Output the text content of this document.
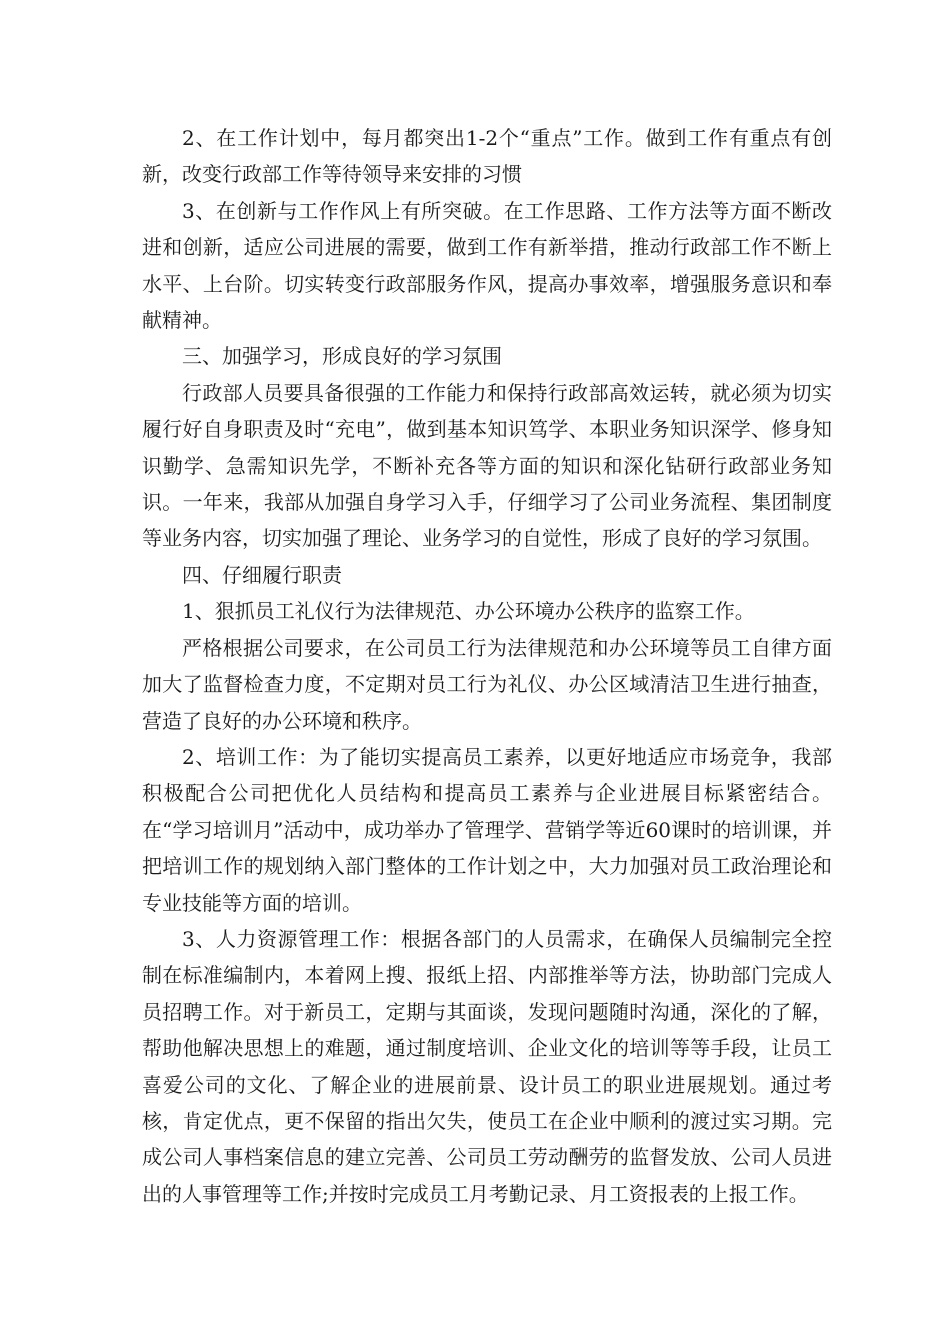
2、在工作计划中，每月都突出1-2个“重点”工作。做到工作有重点有创新，改变行政部工作等待领导来安排的习惯

3、在创新与工作作风上有所突破。在工作思路、工作方法等方面不断改进和创新，适应公司进展的需要，做到工作有新举措，推动行政部工作不断上水平、上台阶。切实转变行政部服务作风，提高办事效率，增强服务意识和奉献精神。

三、加强学习，形成良好的学习氛围

行政部人员要具备很强的工作能力和保持行政部高效运转，就必须为切实履行好自身职责及时“充电”，做到基本知识笃学、本职业务知识深学、修身知识勤学、急需知识先学，不断补充各等方面的知识和深化钻研行政部业务知识。一年来，我部从加强自身学习入手，仔细学习了公司业务流程、集团制度等业务内容，切实加强了理论、业务学习的自觉性，形成了良好的学习氛围。

四、仔细履行职责

1、狠抓员工礼仪行为法律规范、办公环境办公秩序的监察工作。

严格根据公司要求，在公司员工行为法律规范和办公环境等员工自律方面加大了监督检查力度，不定期对员工行为礼仪、办公区域清洁卫生进行抽查，营造了良好的办公环境和秩序。

2、培训工作：为了能切实提高员工素养，以更好地适应市场竞争，我部积极配合公司把优化人员结构和提高员工素养与企业进展目标紧密结合。在“学习培训月”活动中，成功举办了管理学、营销学等近60课时的培训课，并把培训工作的规划纳入部门整体的工作计划之中，大力加强对员工政治理论和专业技能等方面的培训。

3、人力资源管理工作：根据各部门的人员需求，在确保人员编制完全控制在标准编制内，本着网上搜、报纸上招、内部推举等方法，协助部门完成人员招聘工作。对于新员工，定期与其面谈，发现问题随时沟通，深化的了解，帮助他解决思想上的难题，通过制度培训、企业文化的培训等等手段，让员工喜爱公司的文化、了解企业的进展前景、设计员工的职业进展规划。通过考核，肯定优点，更不保留的指出欠失，使员工在企业中顺利的渡过实习期。完成公司人事档案信息的建立完善、公司员工劳动酬劳的监督发放、公司人员进出的人事管理等工作;并按时完成员工月考勤记录、月工资报表的上报工作。
